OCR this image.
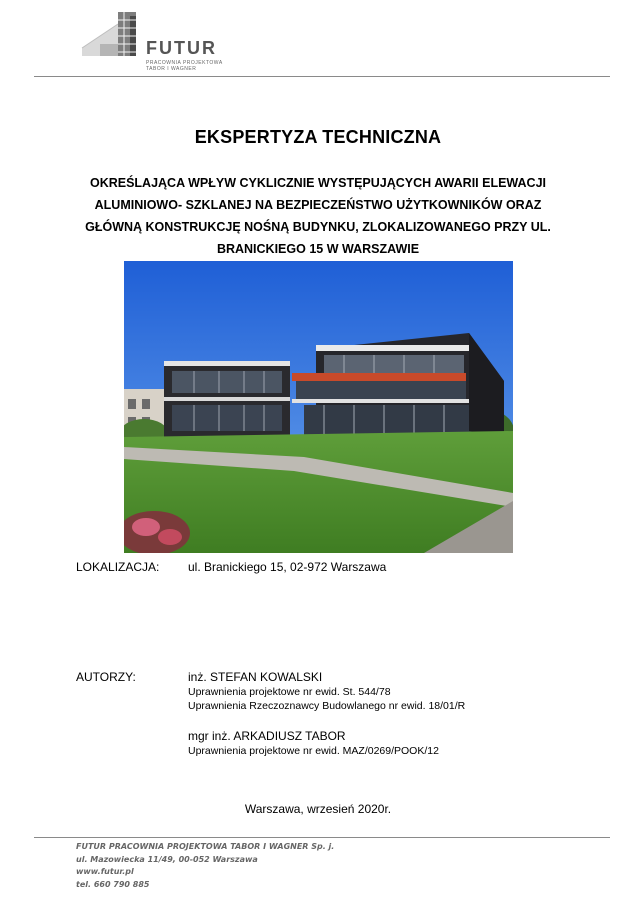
FUTUR
PRACOWNIA PROJEKTOWA
TABOR I WAGNER
EKSPERTYZA TECHNICZNA
OKREŚLAJĄCA WPŁYW CYKLICZNIE WYSTĘPUJĄCYCH AWARII ELEWACJI
ALUMINIOWO- SZKLANEJ NA BEZPIECZEŃSTWO UŻYTKOWNIKÓW ORAZ
GŁÓWNĄ KONSTRUKCJĘ NOŚNĄ BUDYNKU, ZLOKALIZOWANEGO PRZY UL.
BRANICKIEGO 15 W WARSZAWIE
LOKALIZACJA: ul. Branickiego 15, 02-972 Warszawa
AUTORZY:	inż. STEFAN KOWALSKI
Uprawnienia projektowe nr ewid. St. 544/78
Uprawnienia Rzeczoznawcy Budowlanego nr ewid. 18/01/R
mgr inż. ARKADIUSZ TABOR
Uprawnienia projektowe nr ewid. MAZ/0269/POOK/12
Warszawa, wrzesień 2020r.
FUTUR PRACOWNIA PROJEKTOWA TABOR I WAGNER Sp. j.
ul. Mazowiecka 11/49, 00-052 Warszawa
www.futur.pl
tel. 660 790 885
